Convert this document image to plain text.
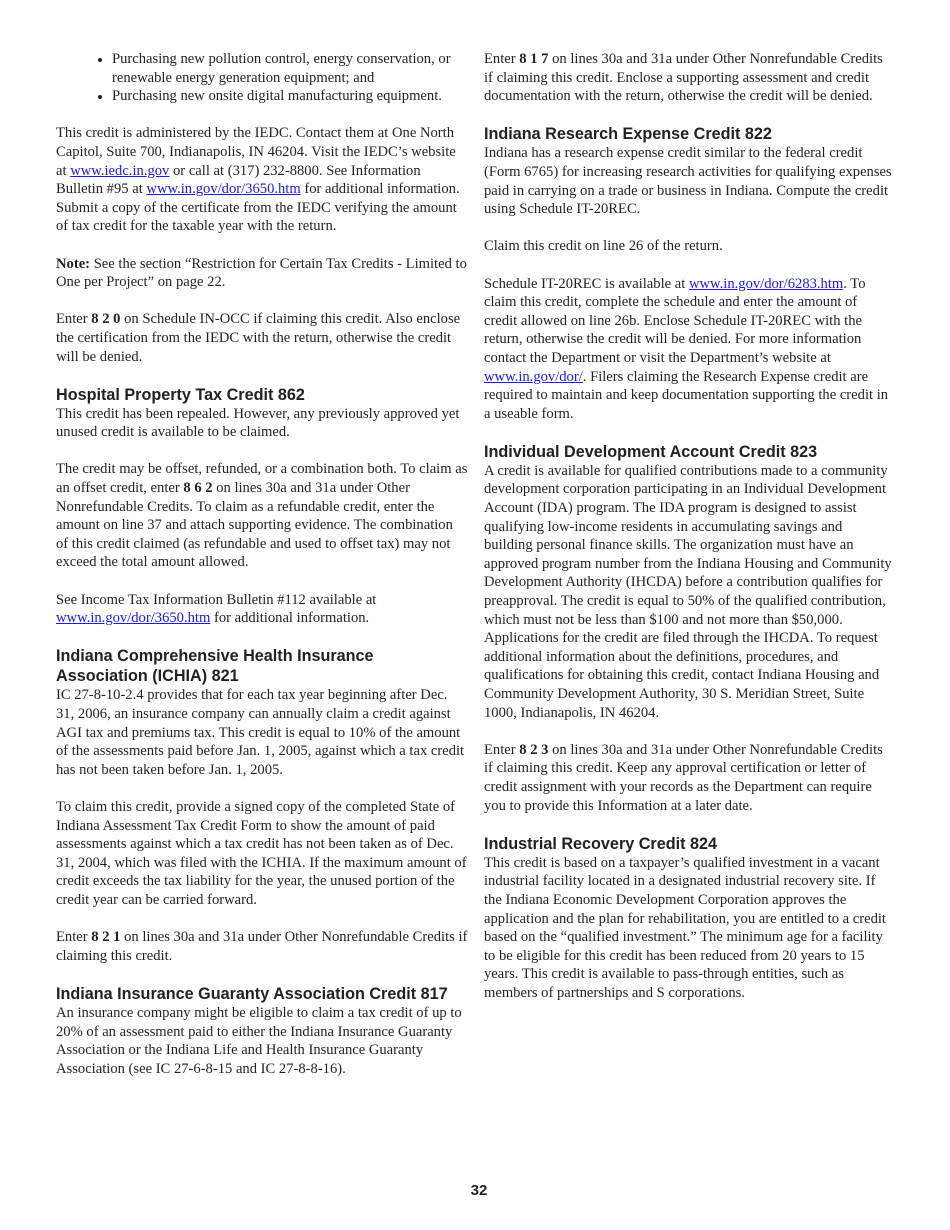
• Purchasing new pollution control, energy conservation, or renewable energy generation equipment; and
• Purchasing new onsite digital manufacturing equipment.

This credit is administered by the IEDC. Contact them at One North Capitol, Suite 700, Indianapolis, IN 46204. Visit the IEDC’s website at www.iedc.in.gov or call at (317) 232-8800. See Information Bulletin #95 at www.in.gov/dor/3650.htm for additional information. Submit a copy of the certificate from the IEDC verifying the amount of tax credit for the taxable year with the return.

Note: See the section “Restriction for Certain Tax Credits - Limited to One per Project” on page 22.

Enter 8 2 0 on Schedule IN-OCC if claiming this credit. Also enclose the certification from the IEDC with the return, otherwise the credit will be denied.

Hospital Property Tax Credit 862

This credit has been repealed. However, any previously approved yet unused credit is available to be claimed.

The credit may be offset, refunded, or a combination both. To claim as an offset credit, enter 8 6 2 on lines 30a and 31a under Other Nonrefundable Credits. To claim as a refundable credit, enter the amount on line 37 and attach supporting evidence. The combination of this credit claimed (as refundable and used to offset tax) may not exceed the total amount allowed.

See Income Tax Information Bulletin #112 available at www.in.gov/dor/3650.htm for additional information.

Indiana Comprehensive Health Insurance Association (ICHIA) 821

IC 27-8-10-2.4 provides that for each tax year beginning after Dec. 31, 2006, an insurance company can annually claim a credit against AGI tax and premiums tax. This credit is equal to 10% of the amount of the assessments paid before Jan. 1, 2005, against which a tax credit has not been taken before Jan. 1, 2005.

To claim this credit, provide a signed copy of the completed State of Indiana Assessment Tax Credit Form to show the amount of paid assessments against which a tax credit has not been taken as of Dec. 31, 2004, which was filed with the ICHIA. If the maximum amount of credit exceeds the tax liability for the year, the unused portion of the credit year can be carried forward.

Enter 8 2 1 on lines 30a and 31a under Other Nonrefundable Credits if claiming this credit.

Indiana Insurance Guaranty Association Credit 817

An insurance company might be eligible to claim a tax credit of up to 20% of an assessment paid to either the Indiana Insurance Guaranty Association or the Indiana Life and Health Insurance Guaranty Association (see IC 27-6-8-15 and IC 27-8-8-16).

Enter 8 1 7 on lines 30a and 31a under Other Nonrefundable Credits if claiming this credit. Enclose a supporting assessment and credit documentation with the return, otherwise the credit will be denied.

Indiana Research Expense Credit 822

Indiana has a research expense credit similar to the federal credit (Form 6765) for increasing research activities for qualifying expenses paid in carrying on a trade or business in Indiana. Compute the credit using Schedule IT-20REC.

Claim this credit on line 26 of the return.

Schedule IT-20REC is available at www.in.gov/dor/6283.htm. To claim this credit, complete the schedule and enter the amount of credit allowed on line 26b. Enclose Schedule IT-20REC with the return, otherwise the credit will be denied. For more information contact the Department or visit the Department’s website at www.in.gov/dor/. Filers claiming the Research Expense credit are required to maintain and keep documentation supporting the credit in a useable form.

Individual Development Account Credit 823

A credit is available for qualified contributions made to a community development corporation participating in an Individual Development Account (IDA) program. The IDA program is designed to assist qualifying low-income residents in accumulating savings and building personal finance skills. The organization must have an approved program number from the Indiana Housing and Community Development Authority (IHCDA) before a contribution qualifies for preapproval. The credit is equal to 50% of the qualified contribution, which must not be less than $100 and not more than $50,000. Applications for the credit are filed through the IHCDA. To request additional information about the definitions, procedures, and qualifications for obtaining this credit, contact Indiana Housing and Community Development Authority, 30 S. Meridian Street, Suite 1000, Indianapolis, IN 46204.

Enter 8 2 3 on lines 30a and 31a under Other Nonrefundable Credits if claiming this credit. Keep any approval certification or letter of credit assignment with your records as the Department can require you to provide this Information at a later date.

Industrial Recovery Credit 824

This credit is based on a taxpayer’s qualified investment in a vacant industrial facility located in a designated industrial recovery site. If the Indiana Economic Development Corporation approves the application and the plan for rehabilitation, you are entitled to a credit based on the “qualified investment.” The minimum age for a facility to be eligible for this credit has been reduced from 20 years to 15 years. This credit is available to pass-through entities, such as members of partnerships and S corporations.

32
